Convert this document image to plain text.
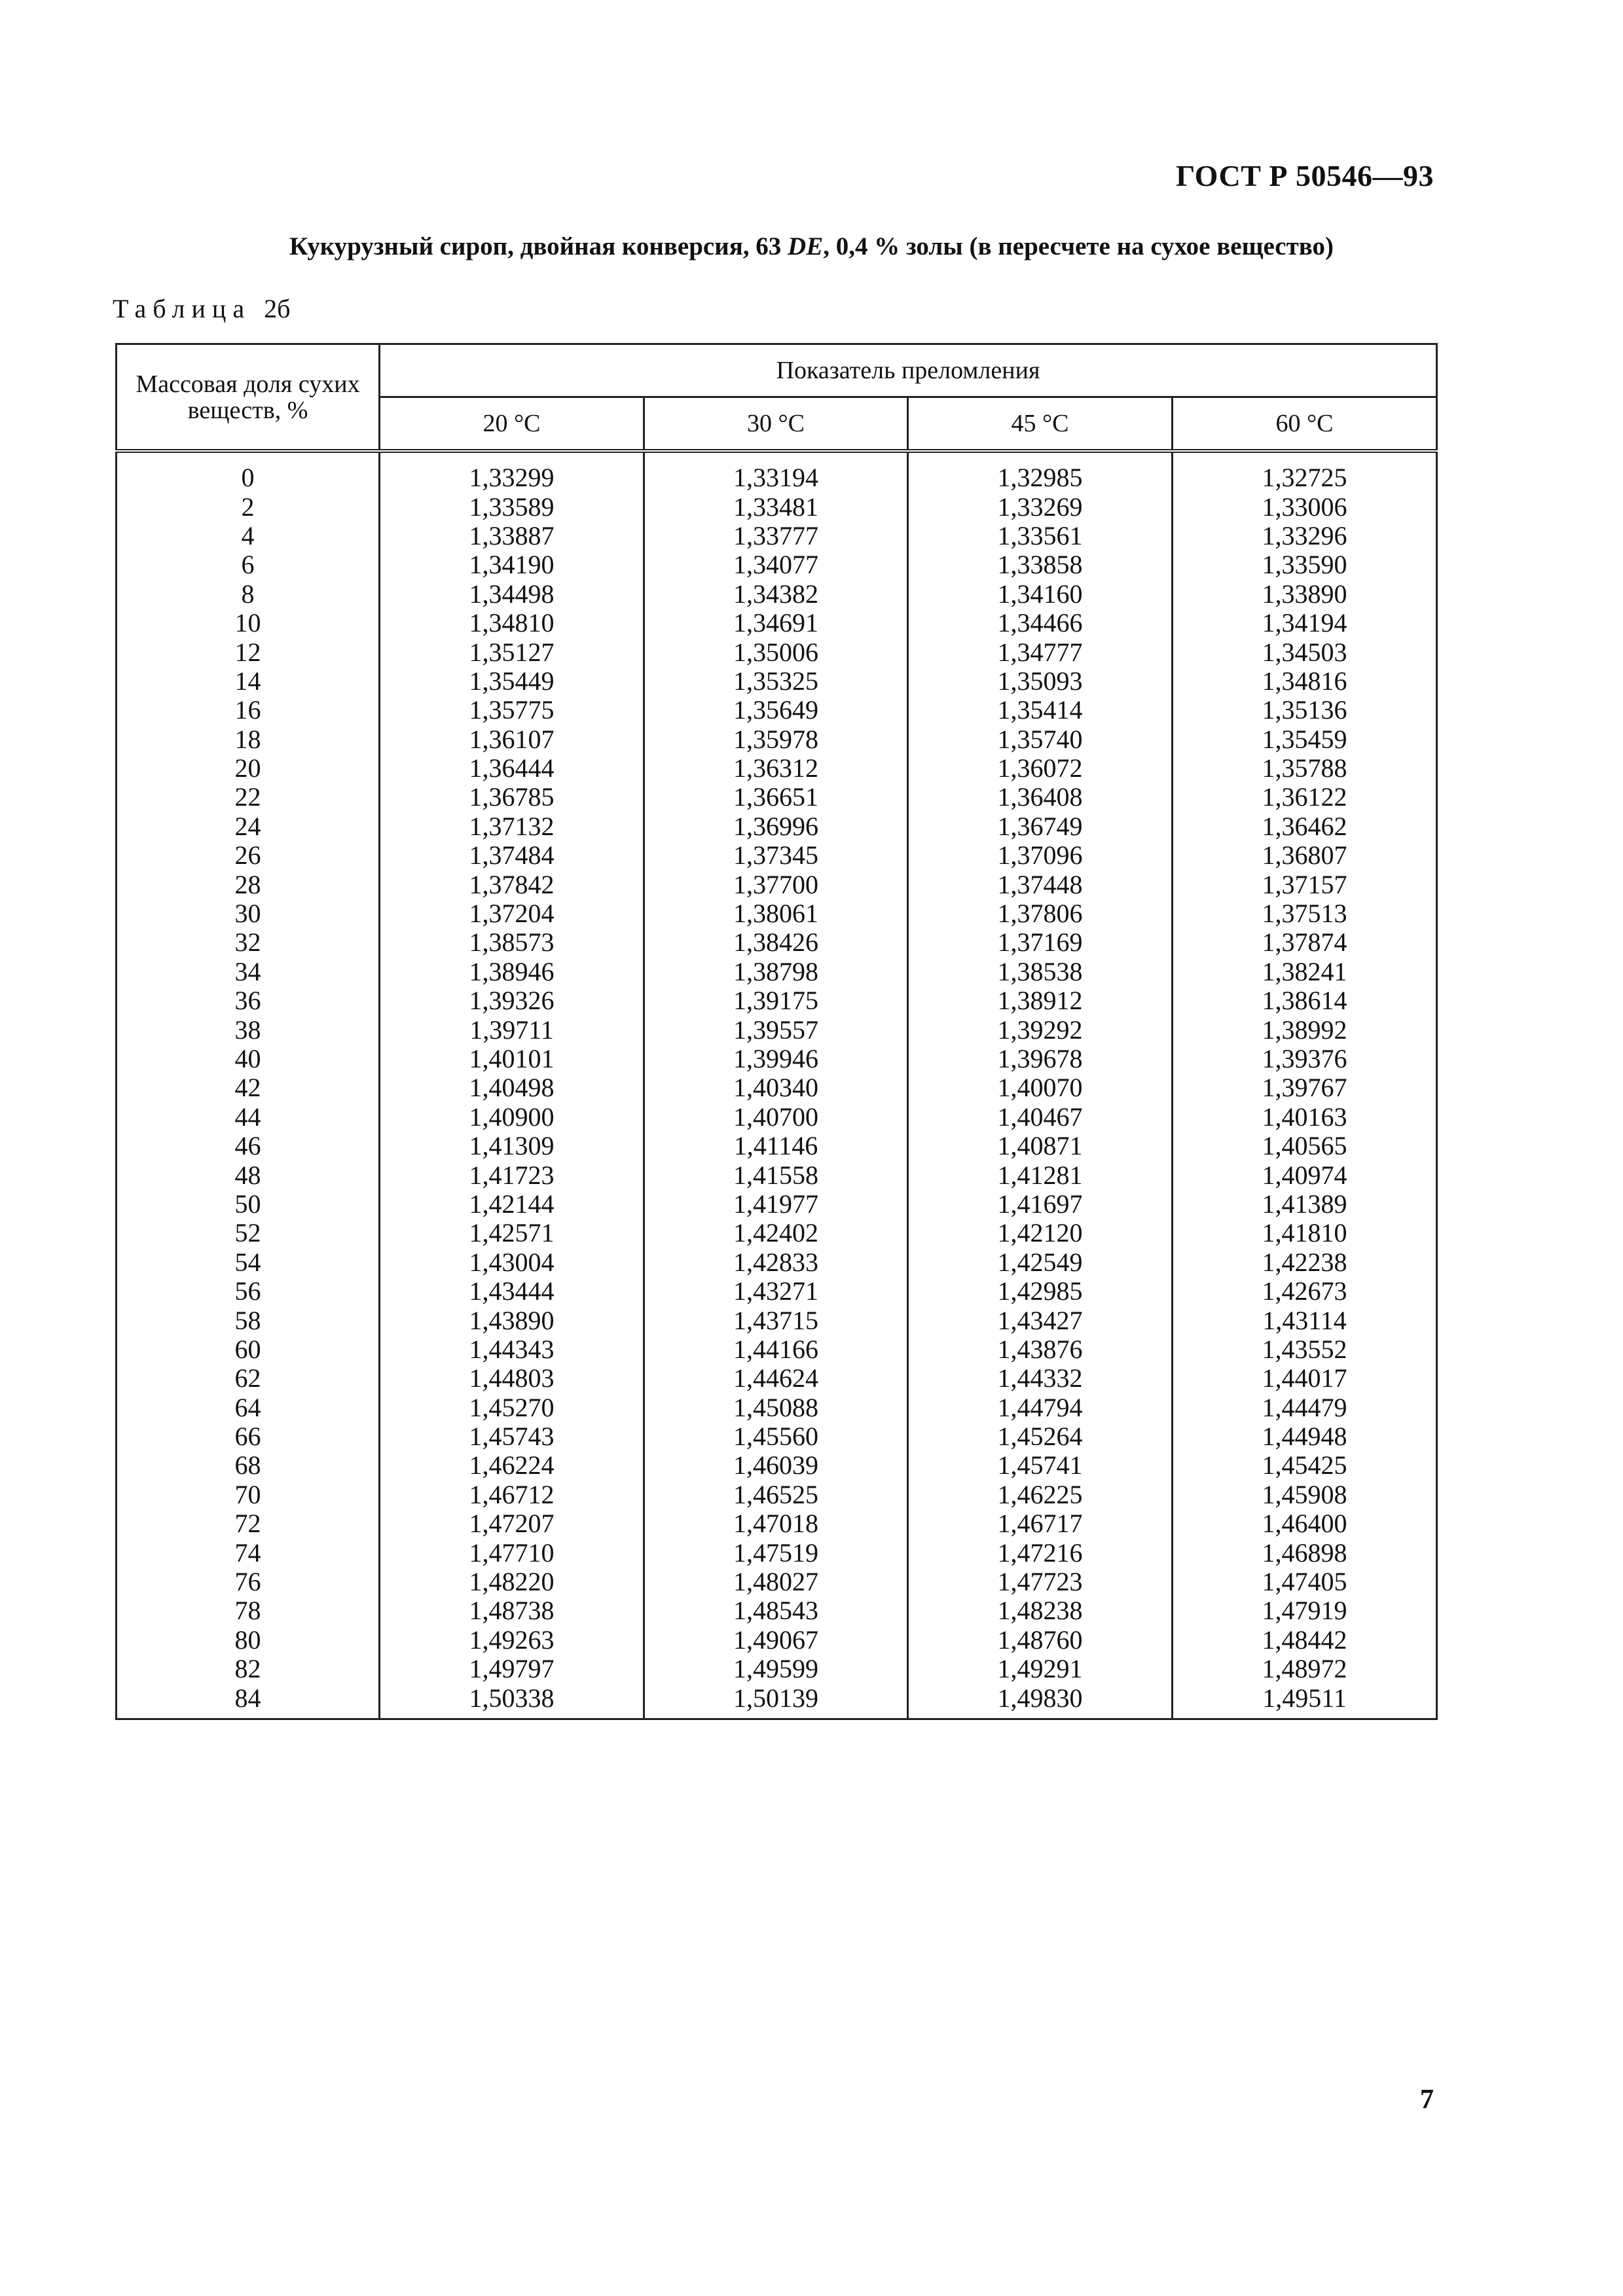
ГОСТ Р 50546—93
Кукурузный сироп, двойная конверсия, 63 DE, 0,4 % золы (в пересчете на сухое вещество)
Таблица 2б
Массовая доля сухих веществ, %	Показатель преломления			
	20 °С	30 °С	45 °С	60 °С
0	1,33299	1,33194	1,32985	1,32725
2	1,33589	1,33481	1,33269	1,33006
4	1,33887	1,33777	1,33561	1,33296
6	1,34190	1,34077	1,33858	1,33590
8	1,34498	1,34382	1,34160	1,33890
10	1,34810	1,34691	1,34466	1,34194
12	1,35127	1,35006	1,34777	1,34503
14	1,35449	1,35325	1,35093	1,34816
16	1,35775	1,35649	1,35414	1,35136
18	1,36107	1,35978	1,35740	1,35459
20	1,36444	1,36312	1,36072	1,35788
22	1,36785	1,36651	1,36408	1,36122
24	1,37132	1,36996	1,36749	1,36462
26	1,37484	1,37345	1,37096	1,36807
28	1,37842	1,37700	1,37448	1,37157
30	1,37204	1,38061	1,37806	1,37513
32	1,38573	1,38426	1,37169	1,37874
34	1,38946	1,38798	1,38538	1,38241
36	1,39326	1,39175	1,38912	1,38614
38	1,39711	1,39557	1,39292	1,38992
40	1,40101	1,39946	1,39678	1,39376
42	1,40498	1,40340	1,40070	1,39767
44	1,40900	1,40700	1,40467	1,40163
46	1,41309	1,41146	1,40871	1,40565
48	1,41723	1,41558	1,41281	1,40974
50	1,42144	1,41977	1,41697	1,41389
52	1,42571	1,42402	1,42120	1,41810
54	1,43004	1,42833	1,42549	1,42238
56	1,43444	1,43271	1,42985	1,42673
58	1,43890	1,43715	1,43427	1,43114
60	1,44343	1,44166	1,43876	1,43552
62	1,44803	1,44624	1,44332	1,44017
64	1,45270	1,45088	1,44794	1,44479
66	1,45743	1,45560	1,45264	1,44948
68	1,46224	1,46039	1,45741	1,45425
70	1,46712	1,46525	1,46225	1,45908
72	1,47207	1,47018	1,46717	1,46400
74	1,47710	1,47519	1,47216	1,46898
76	1,48220	1,48027	1,47723	1,47405
78	1,48738	1,48543	1,48238	1,47919
80	1,49263	1,49067	1,48760	1,48442
82	1,49797	1,49599	1,49291	1,48972
84	1,50338	1,50139	1,49830	1,49511
7
